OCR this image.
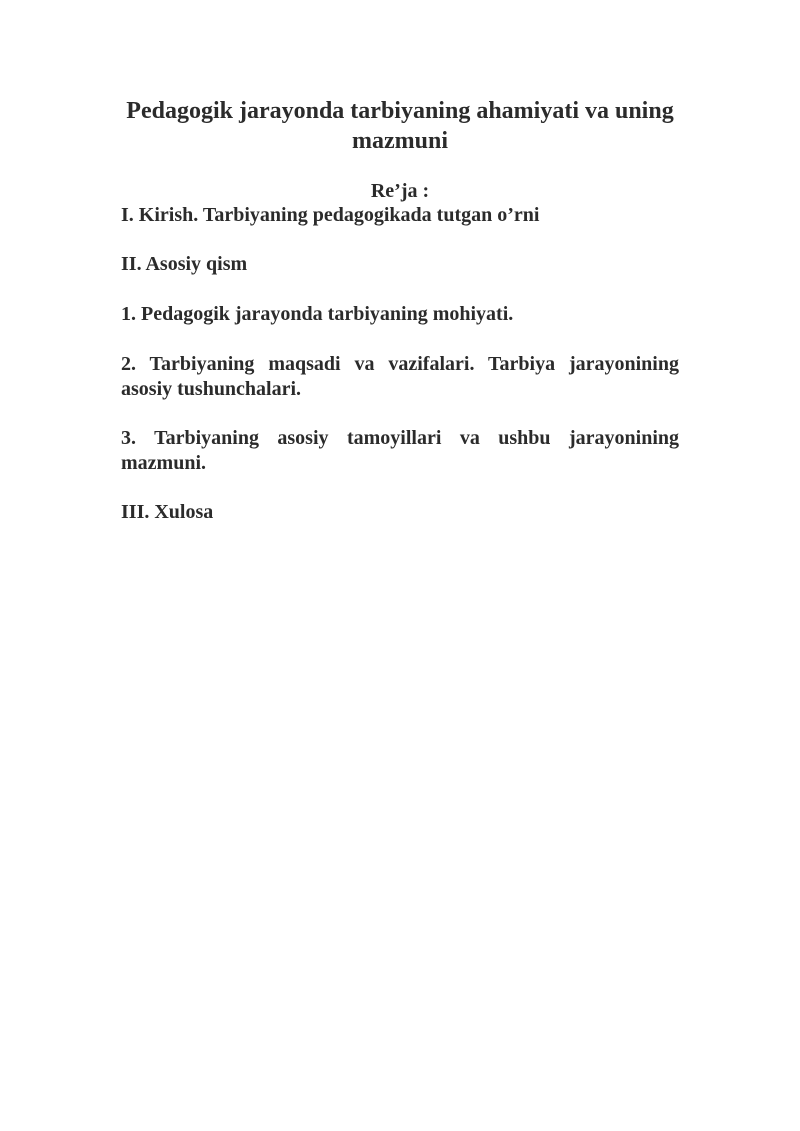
Pedagogik jarayonda tarbiyaning ahamiyati va uning mazmuni

Re’ja :

I. Kirish. Tarbiyaning pedagogikada tutgan o’rni

II. Asosiy qism

1. Pedagogik jarayonda tarbiyaning mohiyati.

2. Tarbiyaning maqsadi va vazifalari. Tarbiya jarayonining asosiy tushunchalari.

3. Tarbiyaning asosiy tamoyillari va ushbu jarayonining mazmuni.

III. Xulosa
